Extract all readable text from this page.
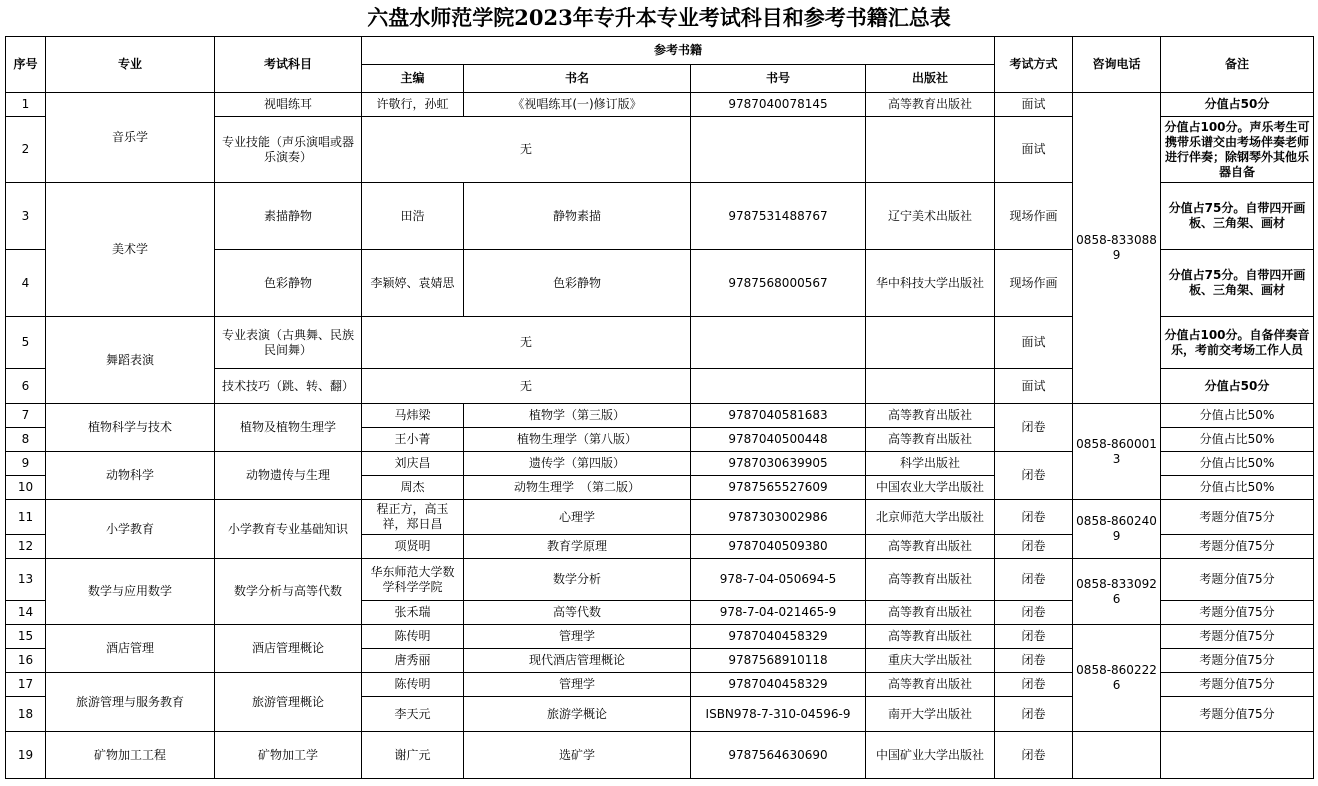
六盘水师范学院2023年专升本专业考试科目和参考书籍汇总表
序号	专业	考试科目	参考书籍				考试方式	咨询电话	备注
			主编	书名	书号	出版社			
1	音乐学	视唱练耳	许敬行，孙虹	《视唱练耳(一)修订版》	9787040078145	高等教育出版社	面试	0858-8330889	分值占50分
2		专业技能（声乐演唱或器乐演奏）	无				面试		分值占100分。声乐考生可携带乐谱交由考场伴奏老师进行伴奏；除钢琴外其他乐器自备
3	美术学	素描静物	田浩	静物素描	9787531488767	辽宁美术出版社	现场作画		分值占75分。自带四开画板、三角架、画材
4		色彩静物	李颖婷、袁婧思	色彩静物	9787568000567	华中科技大学出版社	现场作画		分值占75分。自带四开画板、三角架、画材
5	舞蹈表演	专业表演（古典舞、民族民间舞）	无				面试		分值占100分。自备伴奏音乐，考前交考场工作人员
6		技术技巧（跳、转、翻）	无				面试		分值占50分
7	植物科学与技术	植物及植物生理学	马炜梁	植物学（第三版）	9787040581683	高等教育出版社	闭卷	0858-8600013	分值占比50%
8			王小菁	植物生理学（第八版）	9787040500448	高等教育出版社			分值占比50%
9	动物科学	动物遗传与生理	刘庆昌	遗传学（第四版）	9787030639905	科学出版社	闭卷		分值占比50%
10			周杰	动物生理学　（第二版）	9787565527609	中国农业大学出版社			分值占比50%
11	小学教育	小学教育专业基础知识	程正方，高玉祥，郑日昌	心理学	9787303002986	北京师范大学出版社	闭卷	0858-8602409	考题分值75分
12			项贤明	教育学原理	9787040509380	高等教育出版社	闭卷		考题分值75分
13	数学与应用数学	数学分析与高等代数	华东师范大学数学科学学院	数学分析	978-7-04-050694-5	高等教育出版社	闭卷	0858-8330926	考题分值75分
14			张禾瑞	高等代数	978-7-04-021465-9	高等教育出版社	闭卷		考题分值75分
15	酒店管理	酒店管理概论	陈传明	管理学	9787040458329	高等教育出版社	闭卷	0858-8602226	考题分值75分
16			唐秀丽	现代酒店管理概论	9787568910118	重庆大学出版社	闭卷		考题分值75分
17	旅游管理与服务教育	旅游管理概论	陈传明	管理学	9787040458329	高等教育出版社	闭卷		考题分值75分
18			李天元	旅游学概论	ISBN978-7-310-04596-9	南开大学出版社	闭卷		考题分值75分
19	矿物加工工程	矿物加工学	谢广元	选矿学	9787564630690	中国矿业大学出版社	闭卷		
